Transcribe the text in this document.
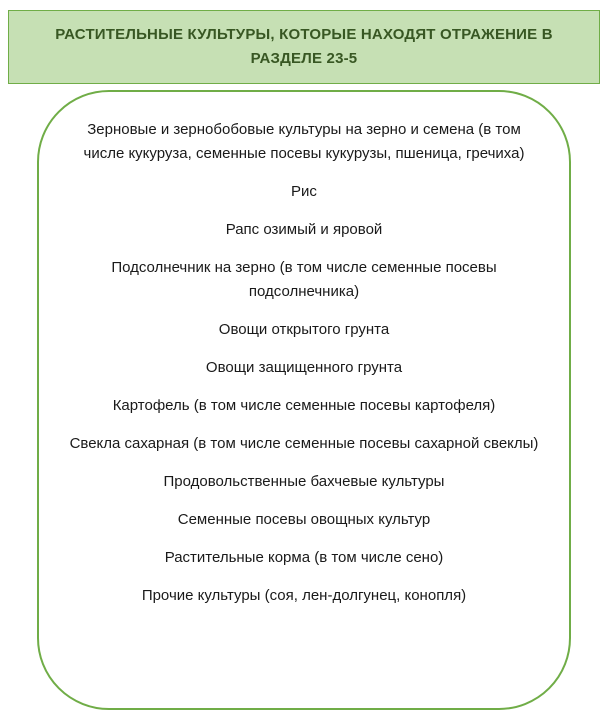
РАСТИТЕЛЬНЫЕ КУЛЬТУРЫ, КОТОРЫЕ НАХОДЯТ ОТРАЖЕНИЕ В РАЗДЕЛЕ 23-5

Зерновые и зернобобовые культуры на зерно и семена (в том числе кукуруза, семенные посевы кукурузы, пшеница, гречиха)

Рис

Рапс озимый и яровой

Подсолнечник на зерно (в том числе семенные посевы подсолнечника)

Овощи открытого грунта

Овощи защищенного грунта

Картофель (в том числе семенные посевы картофеля)

Свекла сахарная (в том числе семенные посевы сахарной свеклы)

Продовольственные бахчевые культуры

Семенные посевы овощных культур

Растительные корма (в том числе сено)

Прочие культуры (соя, лен-долгунец, конопля)
